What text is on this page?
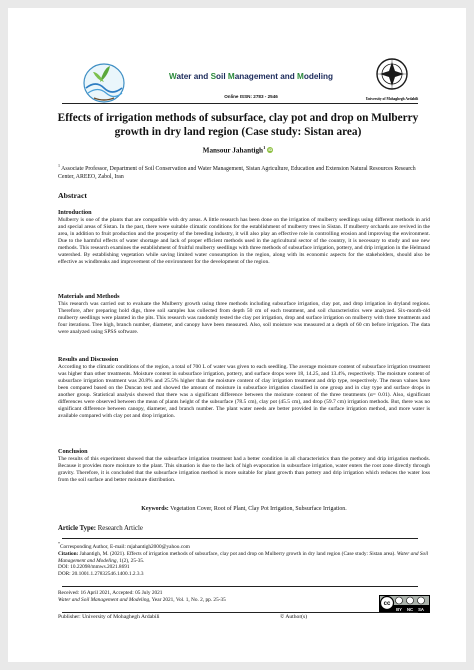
Water and Soil Management and Modeling
Online ISSN: 2783 - 2546	University of Mohaghegh Ardabili
Effects of irrigation methods of subsurface, clay pot and drop on Mulberry
growth in dry land region (Case study: Sistan area)
Mansour Jahantigh$^1$ iD
$^1$ Associate Professor, Department of Soil Conservation and Water Management, Sistan Agriculture, Education and Extension Natural Resources Research Center, AREEO, Zabol, Iran
Abstract
Introduction
Mulberry is one of the plants that are compatible with dry areas. A little research has been done on the irrigation of mulberry seedlings using different methods in arid and special areas of Sistan. In the past, there were suitable climatic conditions for the establishment of mulberry trees in Sistan. If mulberry orchards are revived in the area, in addition to fruit production and the prosperity of the breeding industry, it will also play an effective role in controlling erosion and improving the environment. Due to the harmful effects of water shortage and lack of proper efficient methods used in the agricultural sector of the country, it is necessary to study and use new methods. This research examines the establishment of fruitful mulberry seedlings with three methods of subsurface irrigation, pottery, and drip irrigation in the Helmand watershed. By establishing vegetation while saving limited water consumption in the region, along with its economic aspects for the stakeholders, should also be effective as windbreaks and improvement of the environment for the development of the region.
Materials and Methods
This research was carried out to evaluate the Mulberry growth using three methods including subsurface irrigation, clay pot, and drop irrigation in dryland regions. Therefore, after preparing hold digs, three soil samples has collected from depth 50 cm of each treatment, and soil characteristics were analyzed. Six-month-old mulberry seedlings were planted in the pits. This research was randomly tested the clay pot irrigation, drop and surface irrigation on mulberry with three treatments and four iterations. Tree high, branch number, diameter, and canopy have been measured. Also, soil moisture was measured at a depth of 60 cm before irrigation. The data were analyzed using SPSS software.
Results and Discussion
According to the climatic conditions of the region, a total of 700 L of water was given to each seedling. The average moisture content of subsurface irrigation treatment was higher than other treatments. Moisture content in subsurface irrigation, pottery, and surface drops were 18, 14.25, and 13.4%, respectively. The moisture content of subsurface irrigation treatment was 20.8% and 25.5% higher than the moisture content of clay irrigation treatment and drip type, respectively. The mean values have been compared based on the Duncan test and showed the amount of moisture in subsurface irrigation classified in one group and in clay type and surface drops in another group. Statistical analysis showed that there was a significant difference between the moisture content of the three treatments (α= 0.01). Also, significant differences were observed between the mean of plants height of the subsurface (78.5 cm), clay pot (45.5 cm), and drop (59.7 cm) irrigation methods. But, there was no significant difference between canopy, diameter, and branch number. The plant water needs are better provided in the surface irrigation method, and more water is available compared with clay pot and drop irrigation.
Conclusion
The results of this experiment showed that the subsurface irrigation treatment had a better condition in all characteristics than the pottery and drip irrigation methods. Because it provides more moisture to the plant. This situation is due to the lack of high evaporation in subsurface irrigation, water enters the root zone directly through gravity. Therefore, it is concluded that the subsurface irrigation method is more suitable for plant growth than pottery and drip irrigation which reduces the water loss from the soil surface and better moisture distribution.
Keywords: Vegetation Cover, Root of Plant, Clay Pot Irrigation, Subsurface Irrigation.
Article Type: Research Article
*Corresponding Author, E-mail: mjahantigh2000@yahoo.com
Citation: Jahantigh, M. (2021). Effects of irrigation methods of subsurface, clay pot and drop on Mulberry growth in dry land region (Case study: Sistan area). Water and Soil Management and Modeling, 1(2), 25-35.
DOI: 10.22098/mmws.2021.8691
DOR: 20.1001.1.27832546.1400.1.2.3.3
Received: 16 April 2021, Accepted: 05 July 2021
Water and Soil Management and Modeling, Year 2021, Vol. 1, No. 2, pp. 25-35
cc
BY NC SA
Publisher: University of Mohaghegh Ardabili	© Author(s)
